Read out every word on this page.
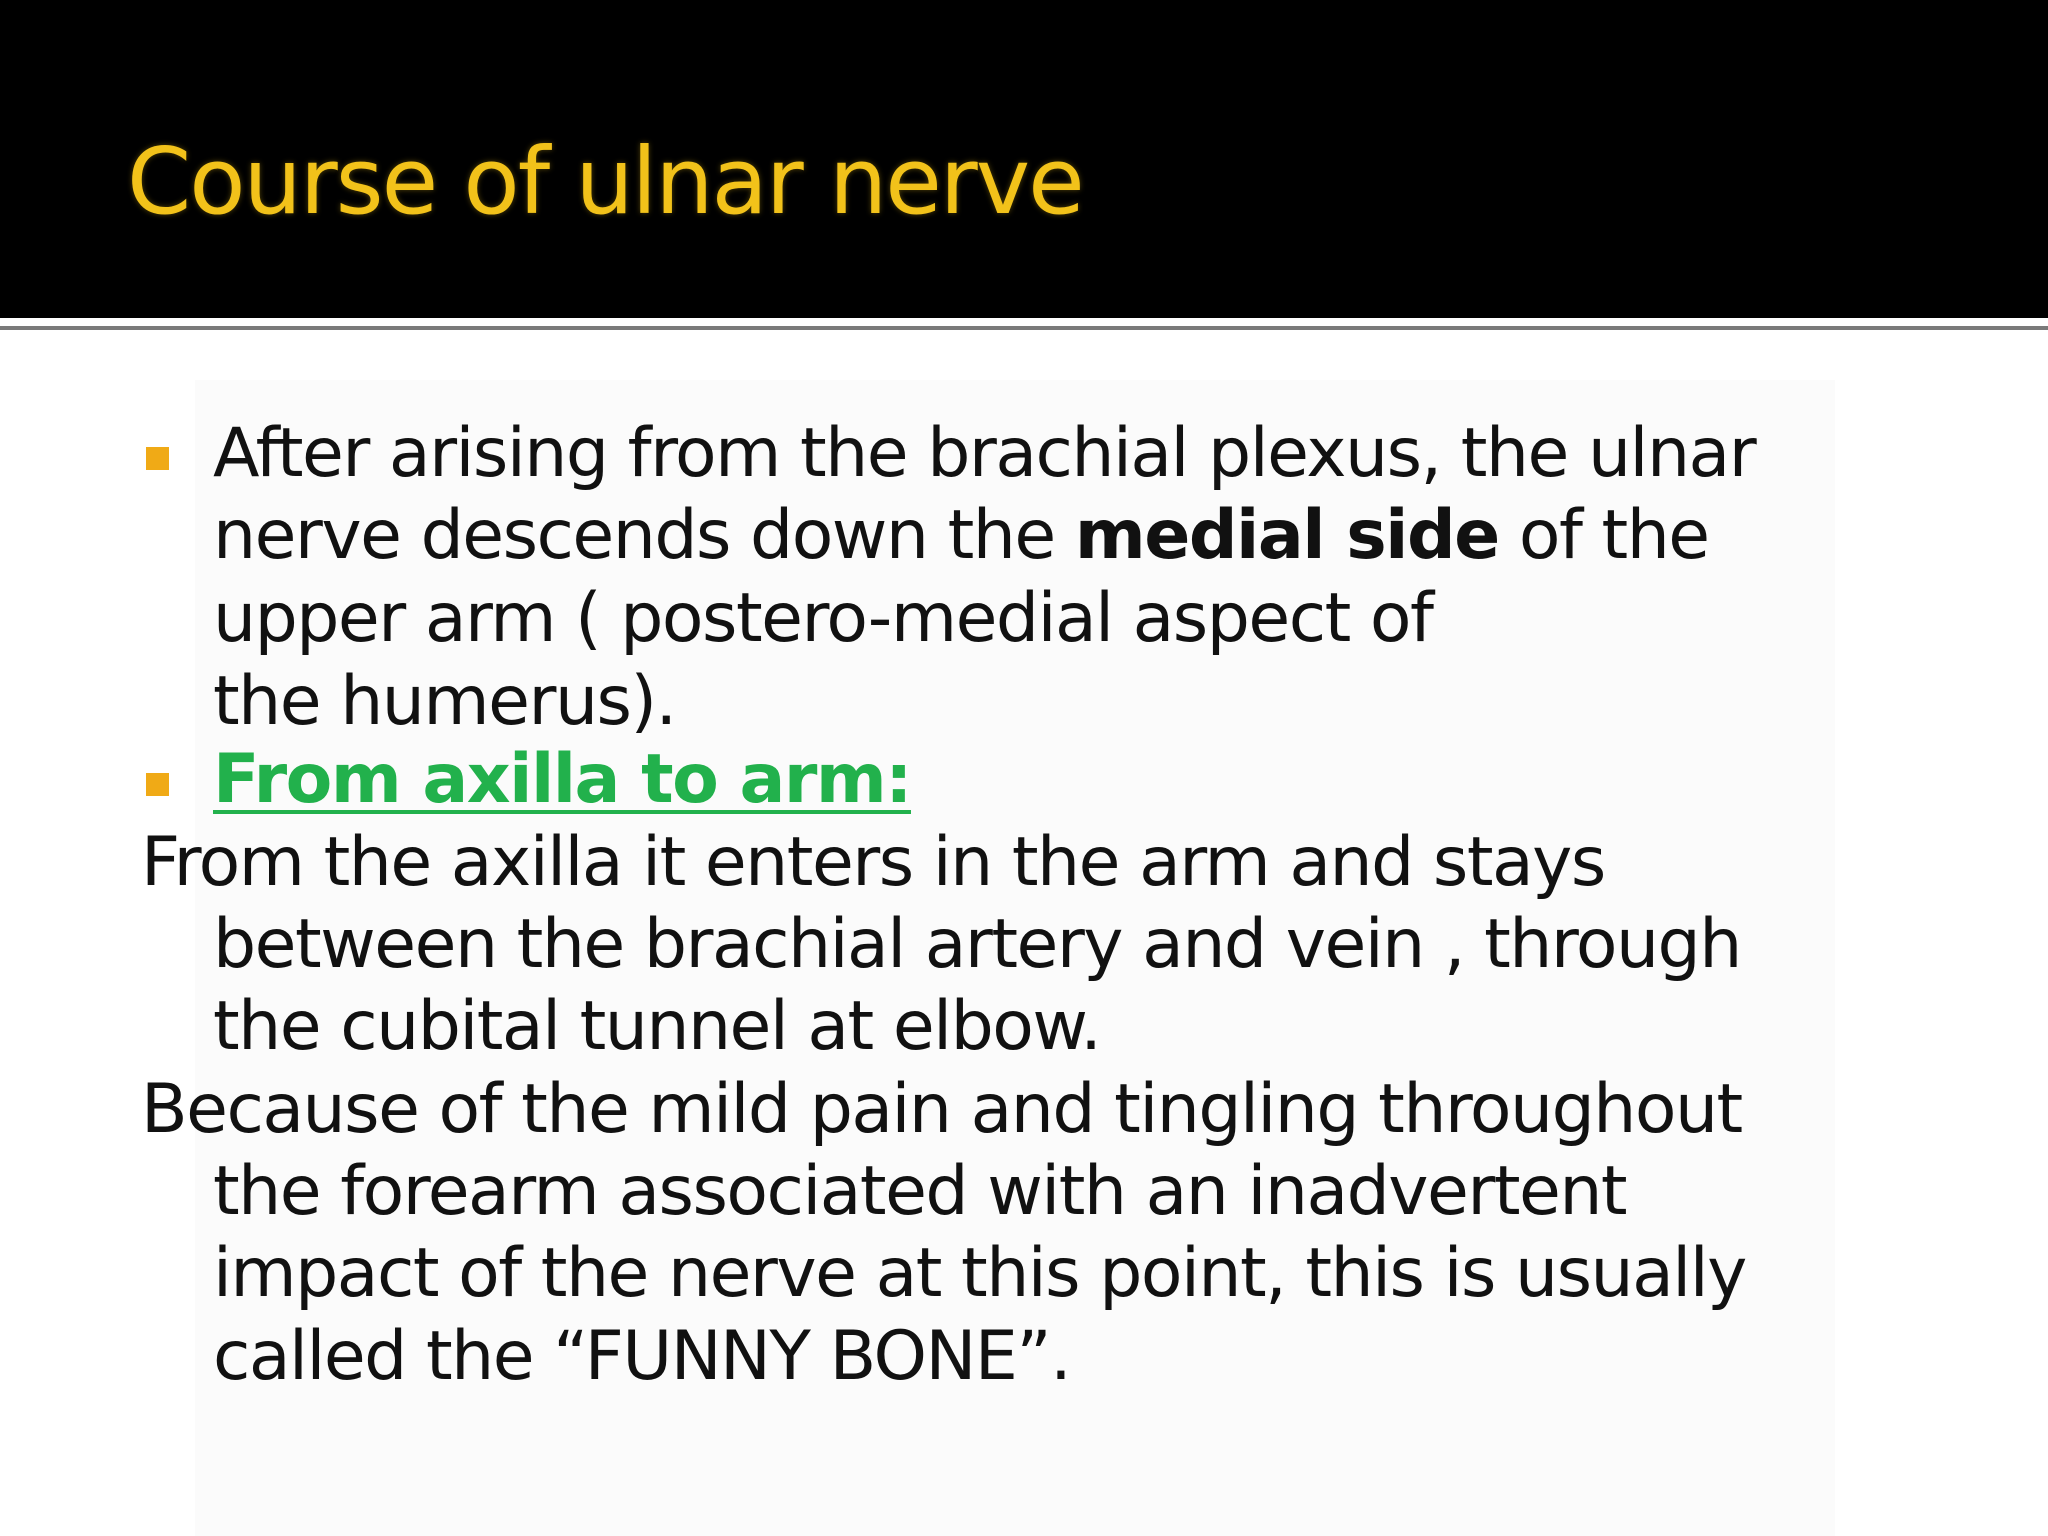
Course of ulnar nerve
After arising from the brachial plexus, the ulnar
nerve descends down the medial side of the
upper arm ( postero-medial aspect of
the humerus).
From axilla to arm:
From the axilla it enters in the arm and stays
between the brachial artery and vein , through
the cubital tunnel at elbow.
Because of the mild pain and tingling throughout
the forearm associated with an inadvertent
impact of the nerve at this point, this is usually
called the “FUNNY BONE”.
